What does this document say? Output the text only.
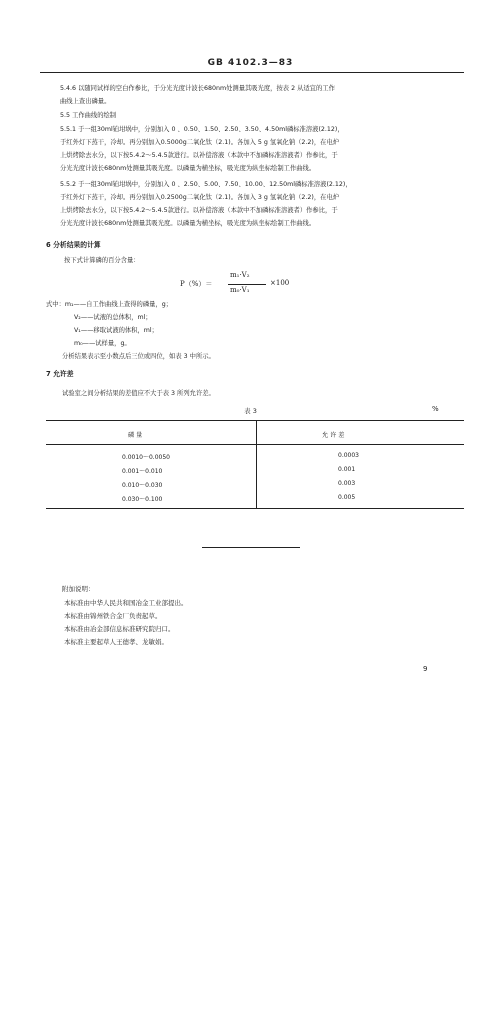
GB 4102.3—83
5.4.6 以随同试样的空白作参比，于分光光度计波长680nm处测量其吸光度，按表 2 从适宜的工作
曲线上查出磷量。
5.5 工作曲线的绘制
5.5.1 于一组30ml铂坩埚中，分别加入 0 、0.50、1.50、2.50、3.50、4.50ml磷标准溶液(2.12)，
于红外灯下蒸干，冷却。再分别加入0.5000g二氧化钛（2.1)。各加入 5 g 氢氧化钠（2.2)，在电炉
上烘烤除去水分，以下按5.4.2～5.4.5款进行。以补偿溶液（本款中不加磷标准溶液者）作参比，于
分光光度计波长680nm处测量其吸光度。以磷量为横坐标，吸光度为纵坐标绘制工作曲线。
5.5.2 于一组30ml铂坩埚中，分别加入 0 、2.50、5.00、7.50、10.00、12.50ml磷标准溶液(2.12)，
于红外灯下蒸干，冷却。再分别加入0.2500g二氧化钛（2.1)。各加入 3 g 氢氧化钠（2.2)，在电炉
上烘烤除去水分，以下按5.4.2～5.4.5款进行。以补偿溶液（本款中不加磷标准溶液者）作参比，于
分光光度计波长680nm处测量其吸光度。以磷量为横坐标，吸光度为纵坐标绘制工作曲线。
6 分析结果的计算
按下式计算磷的百分含量：
P（%）＝
m₁·V₂
m₀·V₁
×100
式中：m₁——自工作曲线上查得的磷量，g；
V₂——试液的总体积，ml；
V₁——移取试液的体积，ml；
m₀——试样量，g。
分析结果表示至小数点后三位或四位，如表 3 中所示。
7 允许差
试验室之间分析结果的差值应不大于表 3 所列允许差。
表 3	%
磷 量	允 许 差
0.0010～0.0050	0.0003
0.001～0.010	0.001
0.010～0.030	0.003
0.030～0.100	0.005
附加说明：
本标准由中华人民共和国冶金工业部提出。
本标准由锦州铁合金厂负责起草。
本标准由冶金部信息标准研究院归口。
本标准主要起草人王德孝、龙敏娟。
9
